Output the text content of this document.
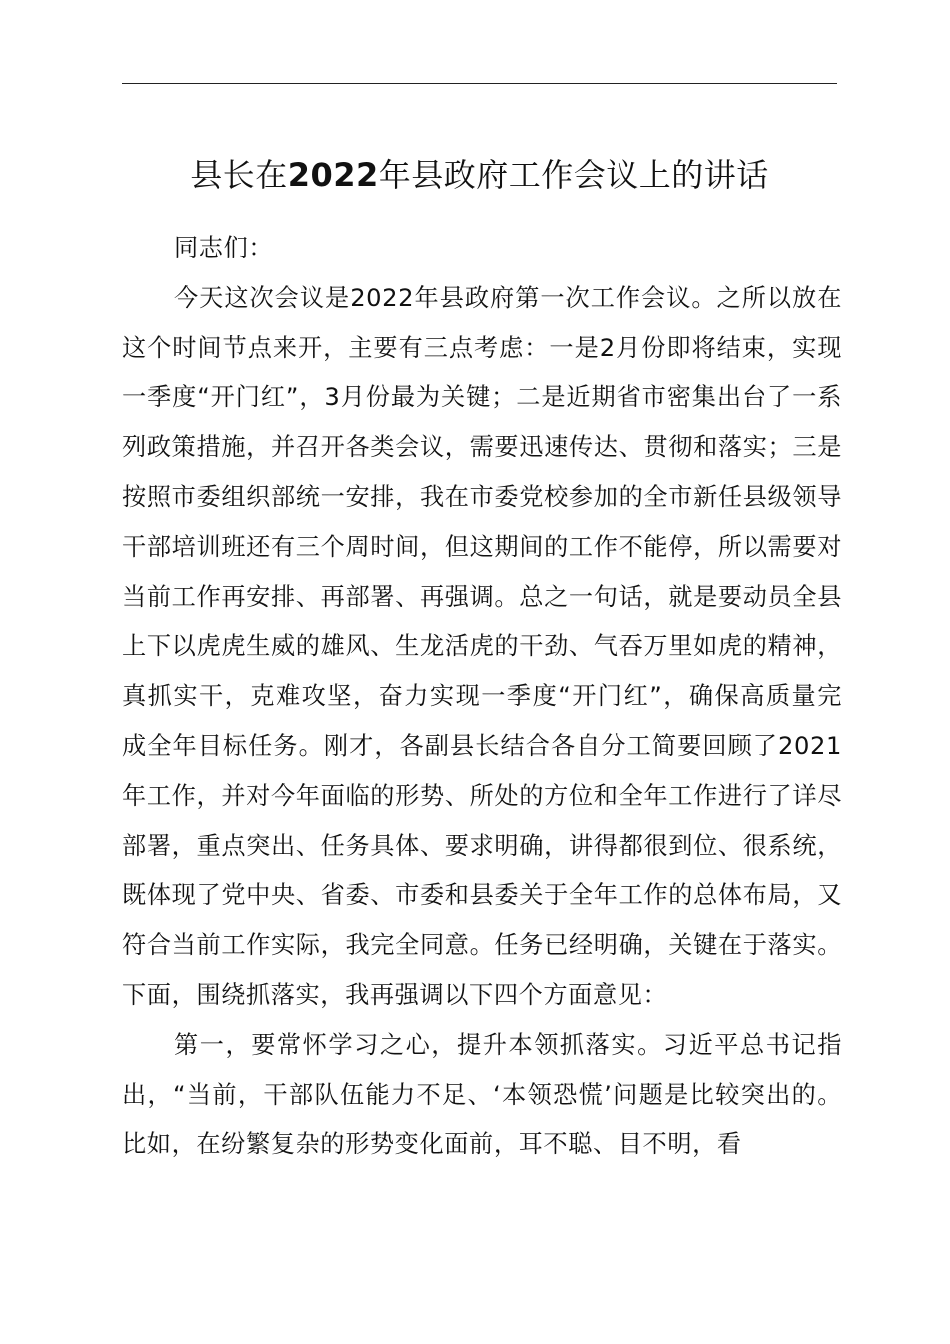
县长在2022年县政府工作会议上的讲话

同志们：

今天这次会议是2022年县政府第一次工作会议。之所以放在这个时间节点来开，主要有三点考虑：一是2月份即将结束，实现一季度“开门红”，3月份最为关键；二是近期省市密集出台了一系列政策措施，并召开各类会议，需要迅速传达、贯彻和落实；三是按照市委组织部统一安排，我在市委党校参加的全市新任县级领导干部培训班还有三个周时间，但这期间的工作不能停，所以需要对当前工作再安排、再部署、再强调。总之一句话，就是要动员全县上下以虎虎生威的雄风、生龙活虎的干劲、气吞万里如虎的精神，真抓实干，克难攻坚，奋力实现一季度“开门红”，确保高质量完成全年目标任务。刚才，各副县长结合各自分工简要回顾了2021年工作，并对今年面临的形势、所处的方位和全年工作进行了详尽部署，重点突出、任务具体、要求明确，讲得都很到位、很系统，既体现了党中央、省委、市委和县委关于全年工作的总体布局，又符合当前工作实际，我完全同意。任务已经明确，关键在于落实。下面，围绕抓落实，我再强调以下四个方面意见：

第一，要常怀学习之心，提升本领抓落实。习近平总书记指出，“当前，干部队伍能力不足、‘本领恐慌’问题是比较突出的。比如，在纷繁复杂的形势变化面前，耳不聪、目不明，看
